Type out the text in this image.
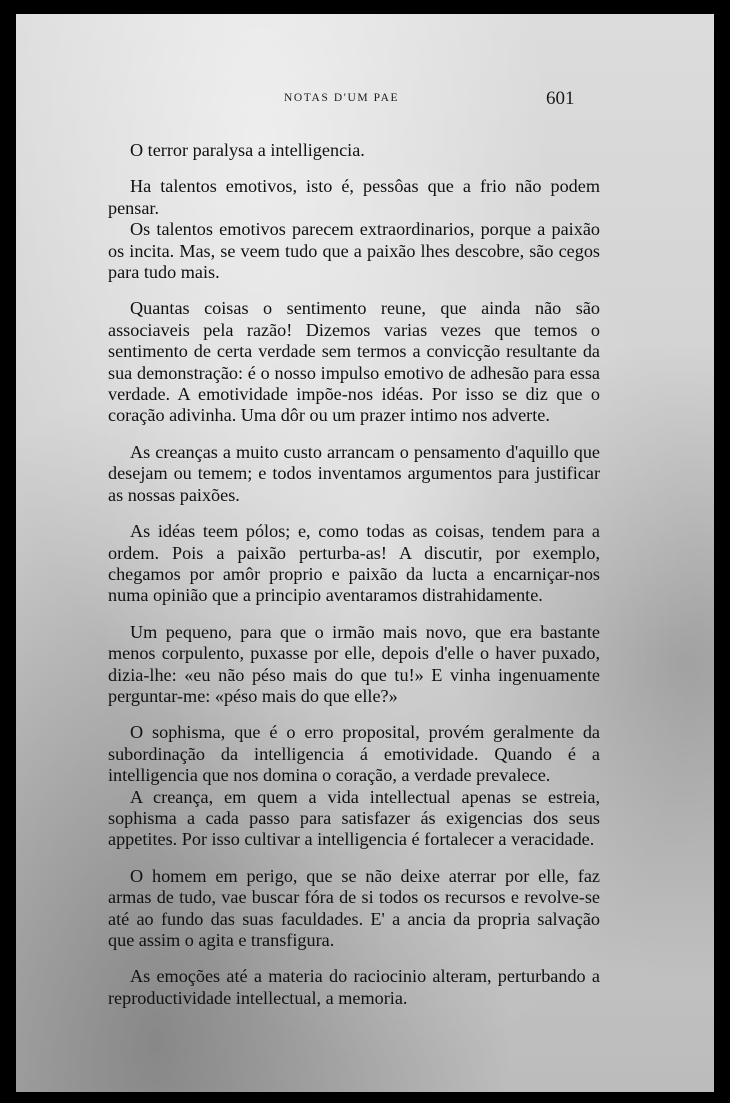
NOTAS D'UM PAE	601

O terror paralysa a intelligencia.

Ha talentos emotivos, isto é, pessôas que a frio não podem pensar.

Os talentos emotivos parecem extraordinarios, porque a paixão os incita. Mas, se veem tudo que a paixão lhes descobre, são cegos para tudo mais.

Quantas coisas o sentimento reune, que ainda não são associaveis pela razão! Dizemos varias vezes que temos o sentimento de certa verdade sem termos a convicção resultante da sua demonstração: é o nosso impulso emotivo de adhesão para essa verdade. A emotividade impõe-nos idéas. Por isso se diz que o coração adivinha. Uma dôr ou um prazer intimo nos adverte.

As creanças a muito custo arrancam o pensamento d'aquillo que desejam ou temem; e todos inventamos argumentos para justificar as nossas paixões.

As idéas teem pólos; e, como todas as coisas, tendem para a ordem. Pois a paixão perturba-as! A discutir, por exemplo, chegamos por amôr proprio e paixão da lucta a encarniçar-nos numa opinião que a principio aventaramos distrahidamente.

Um pequeno, para que o irmão mais novo, que era bastante menos corpulento, puxasse por elle, depois d'elle o haver puxado, dizia-lhe: «eu não péso mais do que tu!» E vinha ingenuamente perguntar-me: «péso mais do que elle?»

O sophisma, que é o erro proposital, provém geralmente da subordinação da intelligencia á emotividade. Quando é a intelligencia que nos domina o coração, a verdade prevalece.

A creança, em quem a vida intellectual apenas se estreia, sophisma a cada passo para satisfazer ás exigencias dos seus appetites. Por isso cultivar a intelligencia é fortalecer a veracidade.

O homem em perigo, que se não deixe aterrar por elle, faz armas de tudo, vae buscar fóra de si todos os recursos e revolve-se até ao fundo das suas faculdades. E' a ancia da propria salvação que assim o agita e transfigura.

As emoções até a materia do raciocinio alteram, perturbando a reproductividade intellectual, a memoria.
